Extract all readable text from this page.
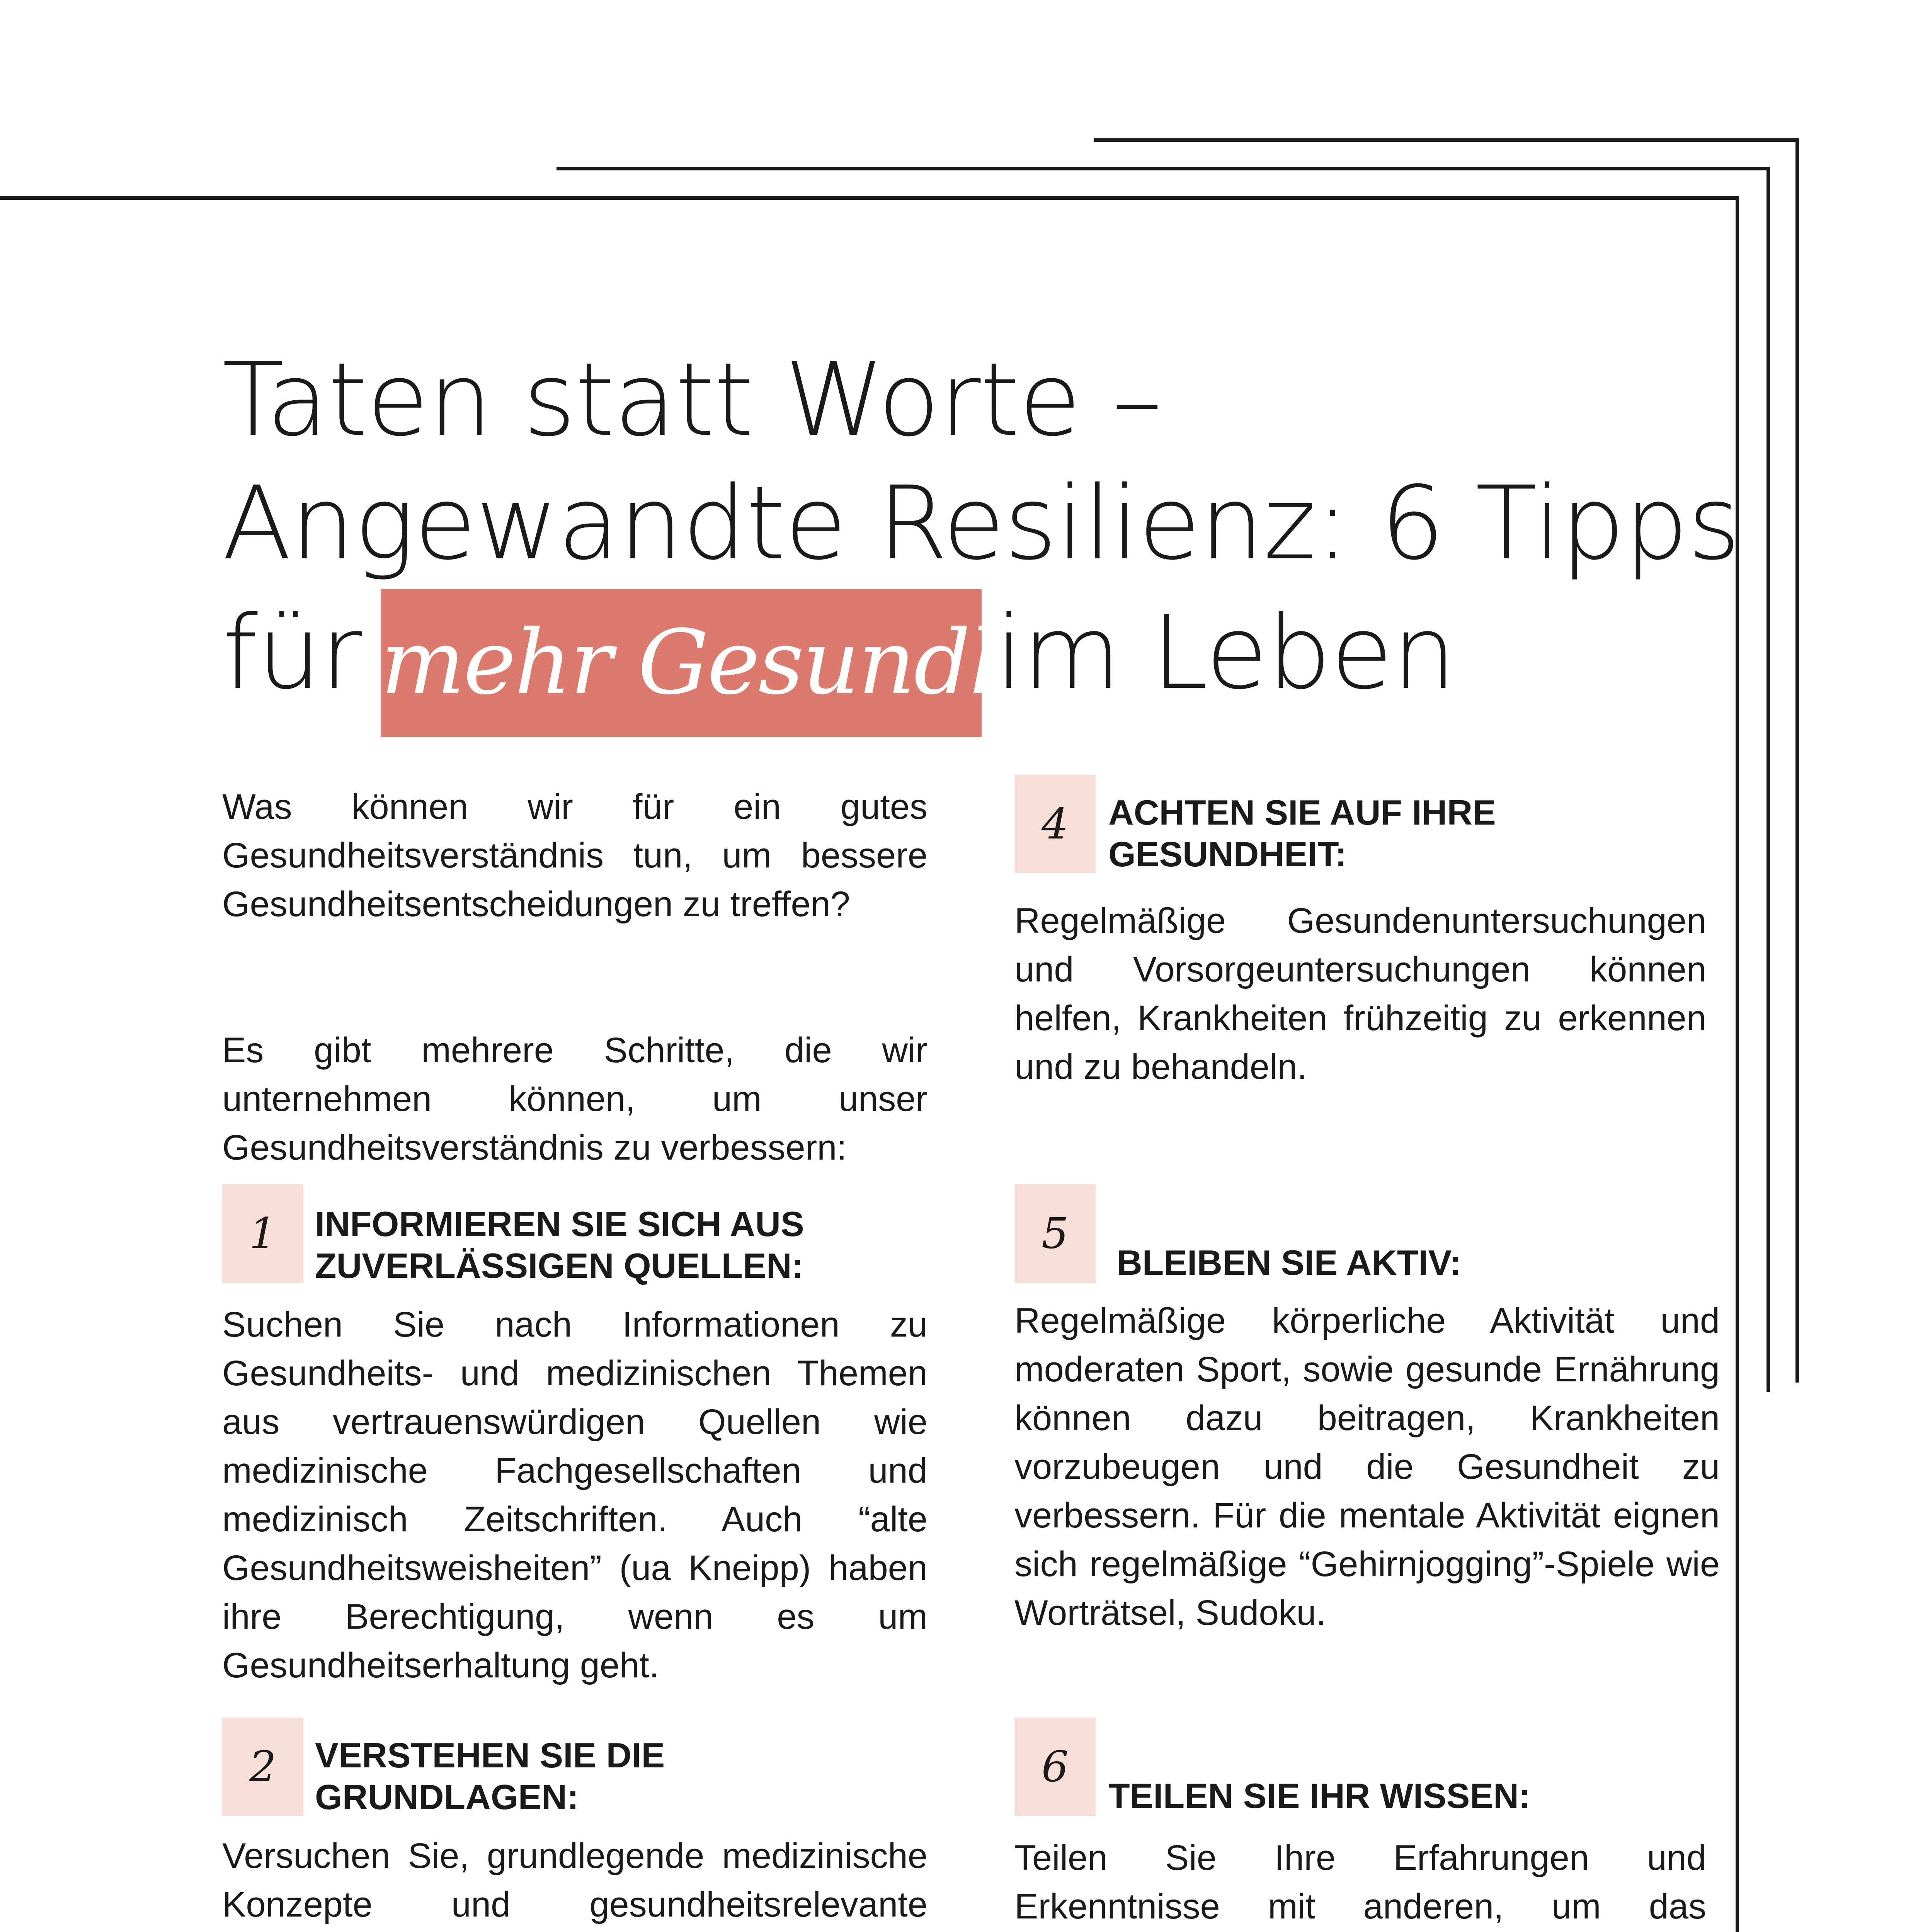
Taten statt Worte –
Angewandte Resilienz: 6 Tipps
für mehr Gesundheit
im Leben
Was können wir für ein gutes Gesundheitsverständnis tun, um bessere Gesundheitsentscheidungen zu treffen?
Es gibt mehrere Schritte, die wir unternehmen können, um unser Gesundheitsverständnis zu verbessern:
1	INFORMIEREN SIE SICH AUS ZUVERLÄSSIGEN QUELLEN:
Suchen Sie nach Informationen zu Gesundheits- und medizinischen Themen aus vertrauenswürdigen Quellen wie medizinische Fachgesellschaften und medizinisch Zeitschriften. Auch “alte Gesundheitsweisheiten” (ua Kneipp) haben ihre Berechtigung, wenn es um Gesundheitserhaltung geht.
2	VERSTEHEN SIE DIE GRUNDLAGEN:
Versuchen Sie, grundlegende medizinische Konzepte und gesundheitsrelevante
4	ACHTEN SIE AUF IHRE GESUNDHEIT:
Regelmäßige Gesundenuntersuchungen und Vorsorgeuntersuchungen können helfen, Krankheiten frühzeitig zu erkennen und zu behandeln.
5
BLEIBEN SIE AKTIV:
Regelmäßige körperliche Aktivität und moderaten Sport, sowie gesunde Ernährung können dazu beitragen, Krankheiten vorzubeugen und die Gesundheit zu verbessern. Für die mentale Aktivität eignen sich regelmäßige “Gehirnjogging”-Spiele wie Worträtsel, Sudoku.
6
TEILEN SIE IHR WISSEN:
Teilen Sie Ihre Erfahrungen und Erkenntnisse mit anderen, um das
